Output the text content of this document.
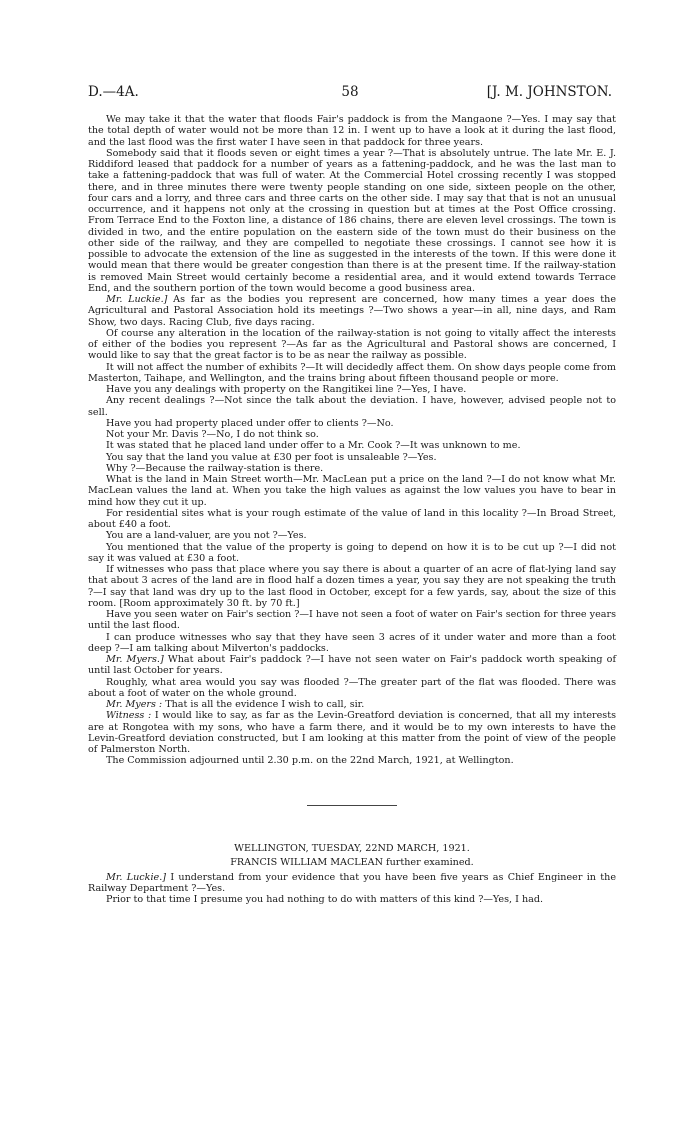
D.—4A.	58	[J. M. JOHNSTON.

We may take it that the water that floods Fair's paddock is from the Mangaone ?—Yes. I may say that the total depth of water would not be more than 12 in. I went up to have a look at it during the last flood, and the last flood was the first water I have seen in that paddock for three years.

Somebody said that it floods seven or eight times a year ?—That is absolutely untrue. The late Mr. E. J. Riddiford leased that paddock for a number of years as a fattening-paddock, and he was the last man to take a fattening-paddock that was full of water. At the Commercial Hotel crossing recently I was stopped there, and in three minutes there were twenty people standing on one side, sixteen people on the other, four cars and a lorry, and three cars and three carts on the other side. I may say that that is not an unusual occurrence, and it happens not only at the crossing in question but at times at the Post Office crossing. From Terrace End to the Foxton line, a distance of 186 chains, there are eleven level crossings. The town is divided in two, and the entire population on the eastern side of the town must do their business on the other side of the railway, and they are compelled to negotiate these crossings. I cannot see how it is possible to advocate the extension of the line as suggested in the interests of the town. If this were done it would mean that there would be greater congestion than there is at the present time. If the railway-station is removed Main Street would certainly become a residential area, and it would extend towards Terrace End, and the southern portion of the town would become a good business area.

Mr. Luckie.] As far as the bodies you represent are concerned, how many times a year does the Agricultural and Pastoral Association hold its meetings ?—Two shows a year—in all, nine days, and Ram Show, two days. Racing Club, five days racing.

Of course any alteration in the location of the railway-station is not going to vitally affect the interests of either of the bodies you represent ?—As far as the Agricultural and Pastoral shows are concerned, I would like to say that the great factor is to be as near the railway as possible.

It will not affect the number of exhibits ?—It will decidedly affect them. On show days people come from Masterton, Taihape, and Wellington, and the trains bring about fifteen thousand people or more.

Have you any dealings with property on the Rangitikei line ?—Yes, I have.

Any recent dealings ?—Not since the talk about the deviation. I have, however, advised people not to sell.

Have you had property placed under offer to clients ?—No.

Not your Mr. Davis ?—No, I do not think so.

It was stated that he placed land under offer to a Mr. Cook ?—It was unknown to me.

You say that the land you value at £30 per foot is unsaleable ?—Yes.

Why ?—Because the railway-station is there.

What is the land in Main Street worth—Mr. MacLean put a price on the land ?—I do not know what Mr. MacLean values the land at. When you take the high values as against the low values you have to bear in mind how they cut it up.

For residential sites what is your rough estimate of the value of land in this locality ?—In Broad Street, about £40 a foot.

You are a land-valuer, are you not ?—Yes.

You mentioned that the value of the property is going to depend on how it is to be cut up ?—I did not say it was valued at £30 a foot.

If witnesses who pass that place where you say there is about a quarter of an acre of flat-lying land say that about 3 acres of the land are in flood half a dozen times a year, you say they are not speaking the truth ?—I say that land was dry up to the last flood in October, except for a few yards, say, about the size of this room. [Room approximately 30 ft. by 70 ft.]

Have you seen water on Fair's section ?—I have not seen a foot of water on Fair's section for three years until the last flood.

I can produce witnesses who say that they have seen 3 acres of it under water and more than a foot deep ?—I am talking about Milverton's paddocks.

Mr. Myers.] What about Fair's paddock ?—I have not seen water on Fair's paddock worth speaking of until last October for years.

Roughly, what area would you say was flooded ?—The greater part of the flat was flooded. There was about a foot of water on the whole ground.

Mr. Myers : That is all the evidence I wish to call, sir.

Witness : I would like to say, as far as the Levin-Greatford deviation is concerned, that all my interests are at Rongotea with my sons, who have a farm there, and it would be to my own interests to have the Levin-Greatford deviation constructed, but I am looking at this matter from the point of view of the people of Palmerston North.

The Commission adjourned until 2.30 p.m. on the 22nd March, 1921, at Wellington.

WELLINGTON, TUESDAY, 22ND MARCH, 1921.
FRANCIS WILLIAM MACLEAN further examined.

Mr. Luckie.] I understand from your evidence that you have been five years as Chief Engineer in the Railway Department ?—Yes.

Prior to that time I presume you had nothing to do with matters of this kind ?—Yes, I had.
